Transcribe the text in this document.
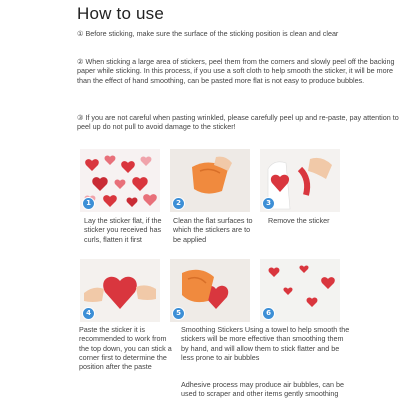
How to use
① Before sticking, make sure the surface of the sticking position is clean and clear
② When sticking a large area of stickers, peel them from the corners and slowly peel off the backing paper while sticking. In this process, if you use a soft cloth to help smooth the sticker, it will be more than the effect of hand smoothing, can be pasted more flat is not easy to produce bubbles.
③ If you are not careful when pasting wrinkled, please carefully peel up and re-paste, pay attention to peel up do not pull to avoid damage to the sticker!
1	2	3
4	5	6
Lay the sticker flat, if the sticker you received has curls, flatten it first
Clean the flat surfaces to which the stickers are to be applied
Remove the sticker
Paste the sticker it is recommended to work from the top down, you can stick a corner first to determine the position after the paste
Smoothing Stickers Using a towel to help smooth the stickers will be more effective than smoothing them by hand, and will allow them to stick flatter and be less prone to air bubbles
Adhesive process may produce air bubbles, can be used to scraper and other items gently smoothing
